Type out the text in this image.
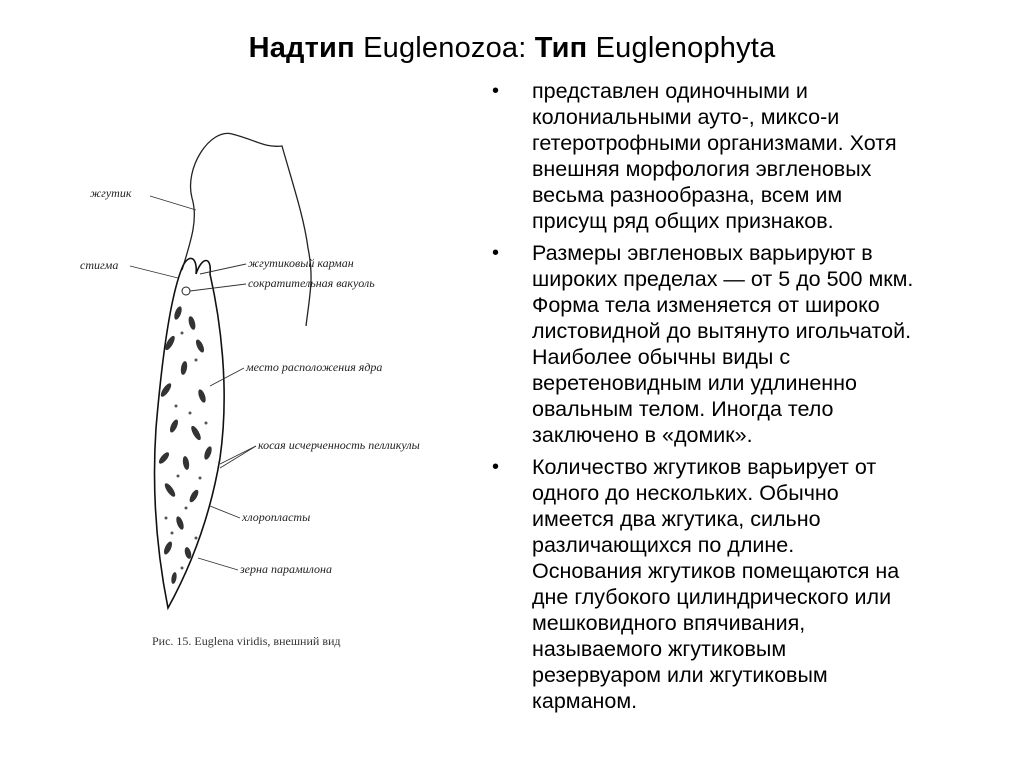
Надтип Euglenozoa: Тип Euglenophyta
жгутик
стигма	жгутиковый карман
сократительная вакуоль
место расположения ядра
косая исчерченность пелликулы
хлоропласты
зерна парамилона
Рис. 15. Euglena viridis, внешний вид
• представлен одиночными и

колониальными ауто-, миксо-и

гетеротрофными организмами. Хотя

внешняя морфология эвгленовых

весьма разнообразна, всем им

присущ ряд общих признаков.

• Размеры эвгленовых варьируют в

широких пределах — от 5 до 500 мкм.

Форма тела изменяется от широко

листовидной до вытянуто игольчатой.

Наиболее обычны виды с

веретеновидным или удлиненно

овальным телом. Иногда тело

заключено в «домик».

• Количество жгутиков варьирует от

одного до нескольких. Обычно

имеется два жгутика, сильно

различающихся по длине.

Основания жгутиков помещаются на

дне глубокого цилиндрического или

мешковидного впячивания,

называемого жгутиковым

резервуаром или жгутиковым

карманом.
